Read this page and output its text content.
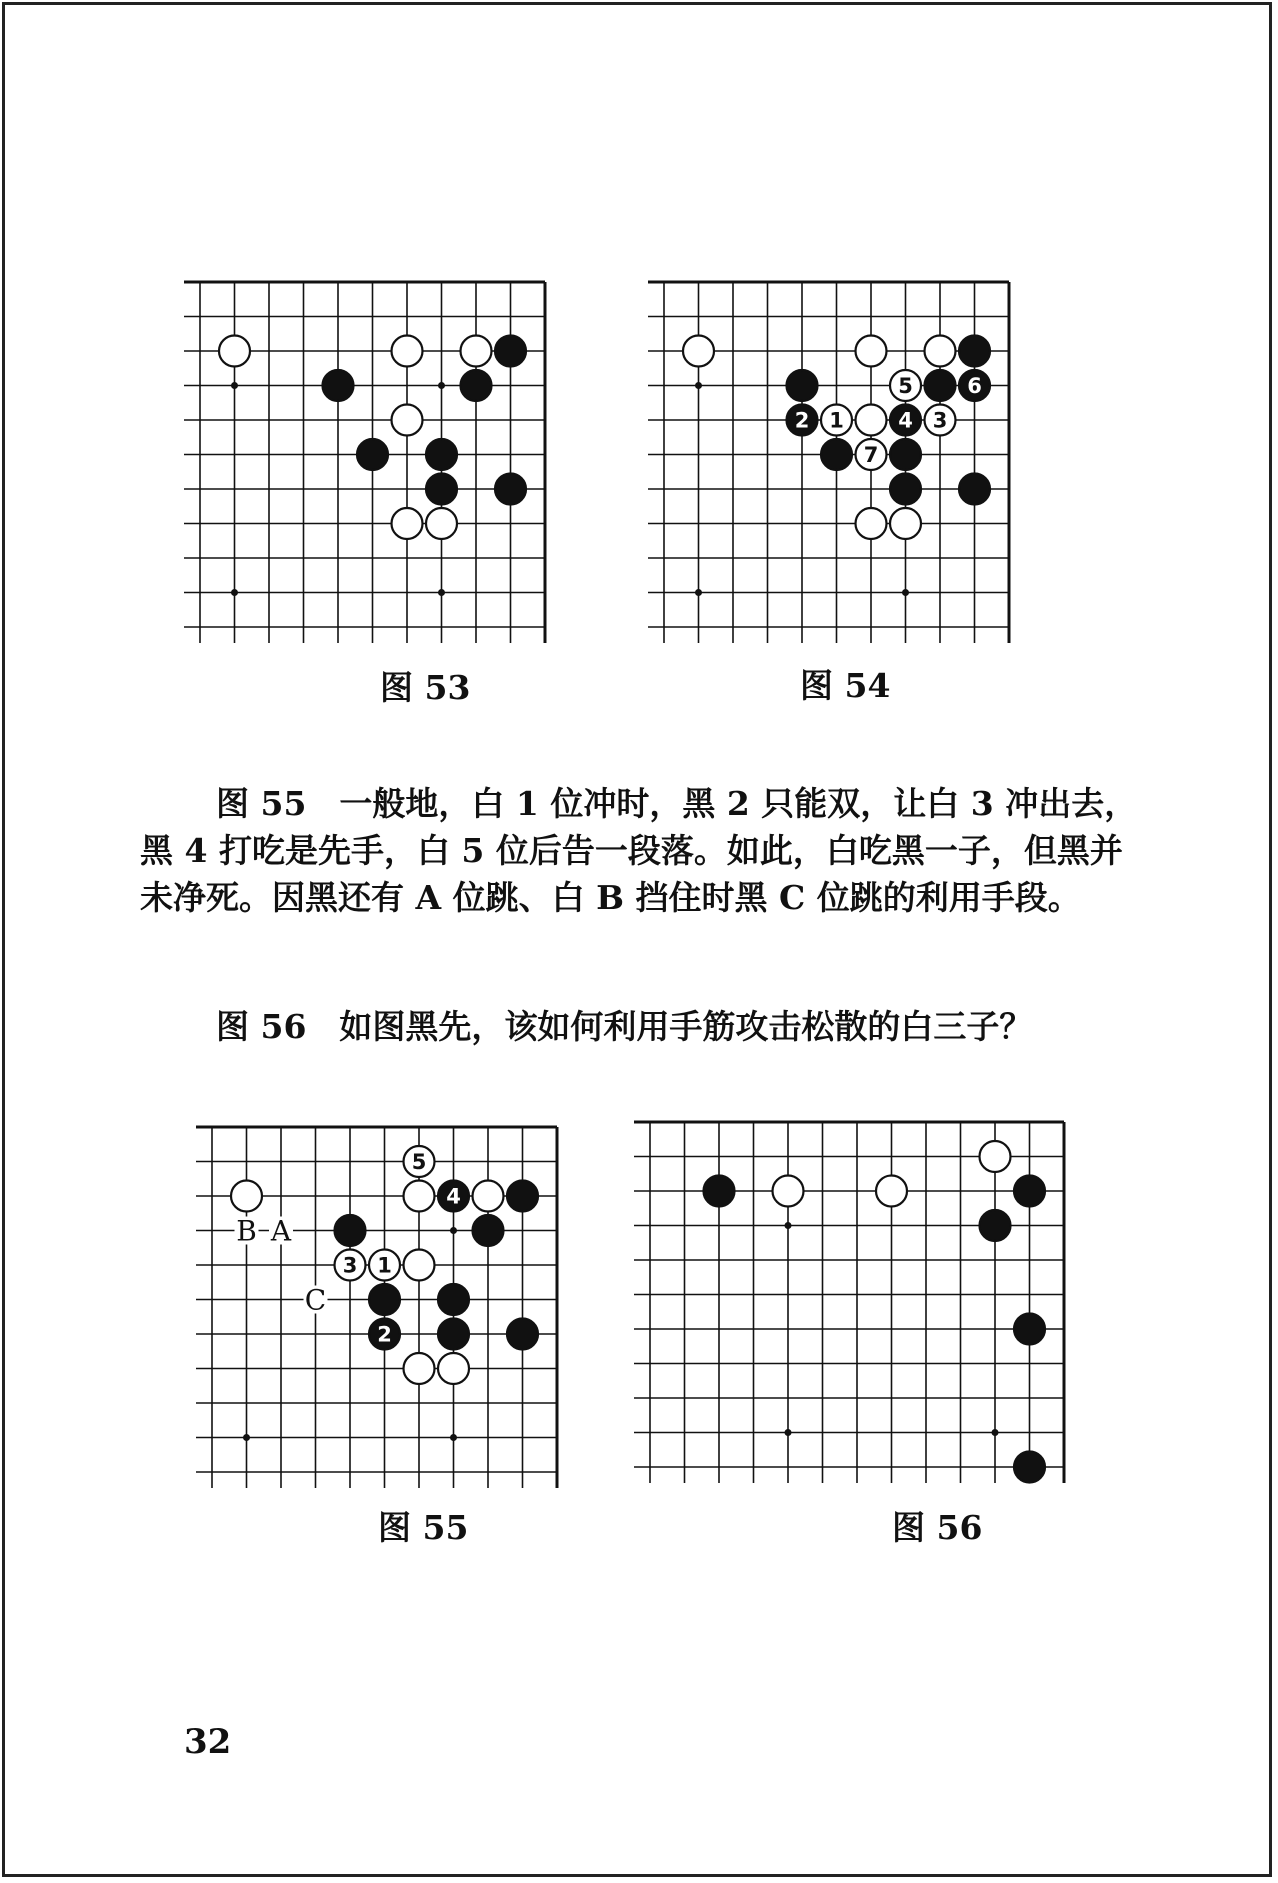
图 53
5	6
2 1	4 3
7
图 54

图 55　一般地，白 1 位冲时，黑 2 只能双，让白 3 冲出去，黑 4 打吃是先手，白 5 位后告一段落。如此，白吃黑一子，但黑并未净死。因黑还有 A 位跳、白 B 挡住时黑 C 位跳的利用手段。

图 56　如图黑先，该如何利用手筋攻击松散的白三子？

B A
C
5
4
3 1
2
图 55	图 56
32
